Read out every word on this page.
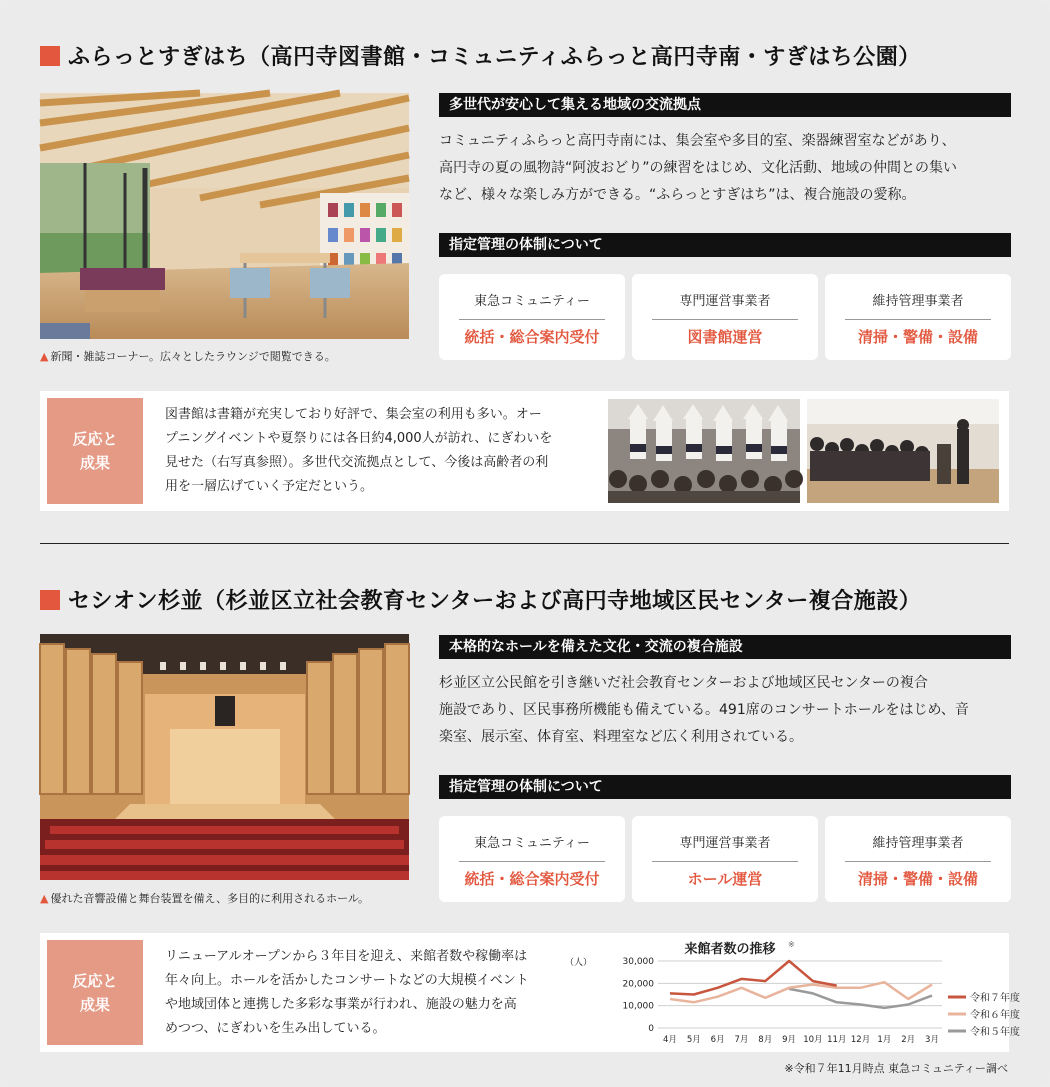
ふらっとすぎはち（高円寺図書館・コミュニティふらっと高円寺南・すぎはち公園）
▲ 新聞・雑誌コーナー。広々としたラウンジで閲覧できる。
多世代が安心して集える地域の交流拠点
コミュニティふらっと高円寺南には、集会室や多目的室、楽器練習室などがあり、
高円寺の夏の風物詩“阿波おどり”の練習をはじめ、文化活動、地域の仲間との集い
など、様々な楽しみ方ができる。“ふらっとすぎはち”は、複合施設の愛称。
指定管理の体制について
東急コミュニティー
統括・総合案内受付
専門運営事業者
図書館運営
維持管理事業者
清掃・警備・設備
反応と
成果
図書館は書籍が充実しており好評で、集会室の利用も多い。オー
プニングイベントや夏祭りには各日約4,000人が訪れ、にぎわいを
見せた（右写真参照）。多世代交流拠点として、今後は高齢者の利
用を一層広げていく予定だという。
セシオン杉並（杉並区立社会教育センターおよび高円寺地域区民センター複合施設）
▲ 優れた音響設備と舞台装置を備え、多目的に利用されるホール。
本格的なホールを備えた文化・交流の複合施設
杉並区立公民館を引き継いだ社会教育センターおよび地域区民センターの複合
施設であり、区民事務所機能も備えている。491席のコンサートホールをはじめ、音
楽室、展示室、体育室、料理室など広く利用されている。
指定管理の体制について
東急コミュニティー
統括・総合案内受付
専門運営事業者
ホール運営
維持管理事業者
清掃・警備・設備
反応と
成果
リニューアルオープンから３年目を迎え、来館者数や稼働率は
年々向上。ホールを活かしたコンサートなどの大規模イベント
や地域団体と連携した多彩な事業が行われ、施設の魅力を高
めつつ、にぎわいを生み出している。
来館者数の推移 ※
（人）
0
10,000
20,000
30,000
4月 5月 6月 7月 8月 9月 10月 11月 12月 1月 2月 3月
令和７年度
令和６年度
令和５年度
※令和７年11月時点 東急コミュニティー調べ
